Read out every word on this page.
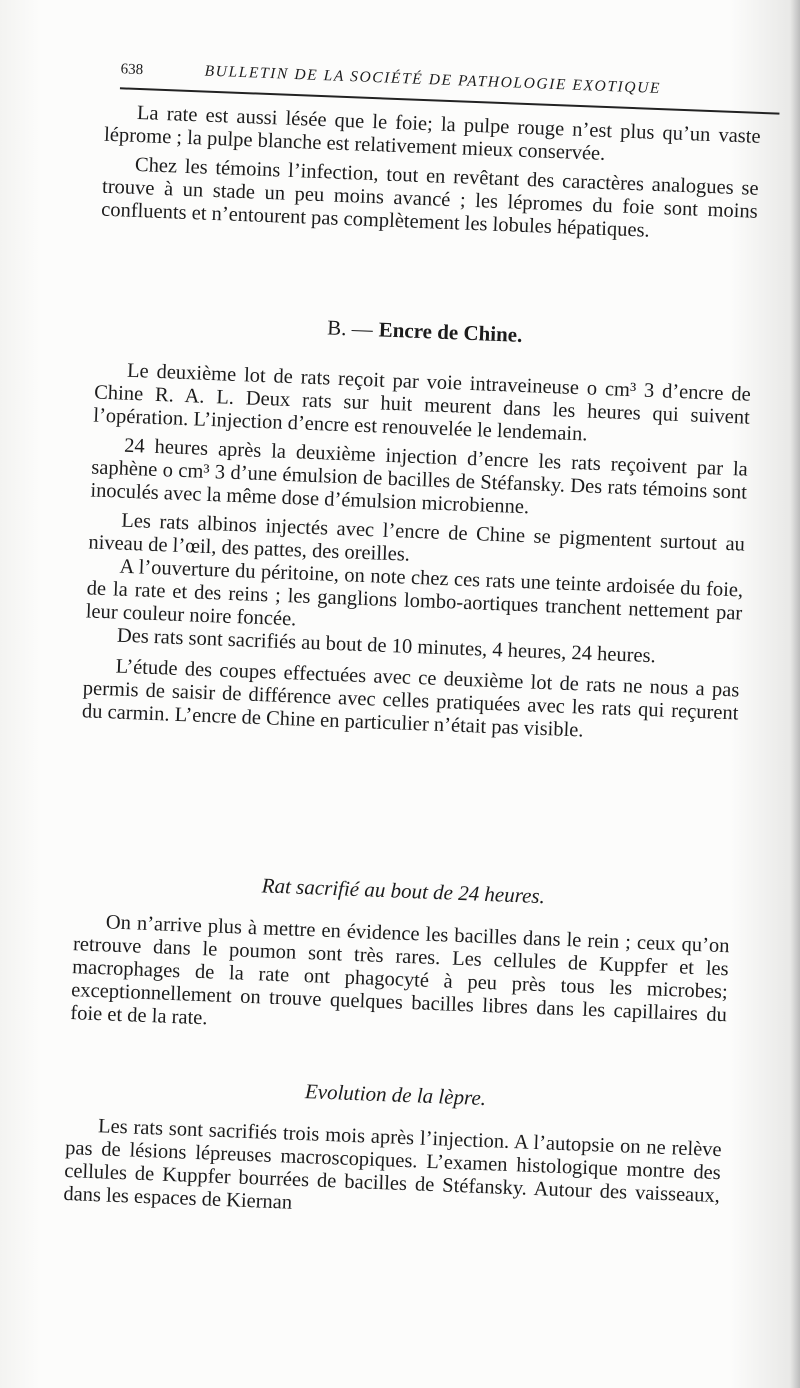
638	BULLETIN DE LA SOCIÉTÉ DE PATHOLOGIE EXOTIQUE

La rate est aussi lésée que le foie; la pulpe rouge n’est plus qu’un vaste lépromе ; la pulpe blanche est relativement mieux conservée.

Chez les témoins l’infection, tout en revêtant des caractères analogues se trouve à un stade un peu moins avancé ; les lépromes du foie sont moins confluents et n’entourent pas complètement les lobules hépatiques.

B. — Encre de Chine.

Le deuxième lot de rats reçoit par voie intraveineuse o cm³ 3 d’encre de Chine R. A. L. Deux rats sur huit meurent dans les heures qui suivent l’opération. L’injection d’encre est renouvelée le lendemain.

24 heures après la deuxième injection d’encre les rats reçoivent par la saphène o cm³ 3 d’une émulsion de bacilles de Stéfansky. Des rats témoins sont inoculés avec la même dose d’émulsion microbienne.

Les rats albinos injectés avec l’encre de Chine se pigmentent surtout au niveau de l’œil, des pattes, des oreilles.

A l’ouverture du péritoine, on note chez ces rats une teinte ardoisée du foie, de la rate et des reins ; les ganglions lombo-aortiques tranchent nettement par leur couleur noire foncée.

Des rats sont sacrifiés au bout de 10 minutes, 4 heures, 24 heures.

L’étude des coupes effectuées avec ce deuxième lot de rats ne nous a pas permis de saisir de différence avec celles pratiquées avec les rats qui reçurent du carmin. L’encre de Chine en particulier n’était pas visible.

Rat sacrifié au bout de 24 heures.

On n’arrive plus à mettre en évidence les bacilles dans le rein ; ceux qu’on retrouve dans le poumon sont très rares. Les cellules de Kuppfer et les macrophages de la rate ont phagocyté à peu près tous les microbes; exceptionnellement on trouve quelques bacilles libres dans les capillaires du foie et de la rate.

Evolution de la lèpre.

Les rats sont sacrifiés trois mois après l’injection. A l’autopsie on ne relève pas de lésions lépreuses macroscopiques. L’examen histologique montre des cellules de Kuppfer bourrées de bacilles de Stéfansky. Autour des vaisseaux, dans les espaces de Kiernan
